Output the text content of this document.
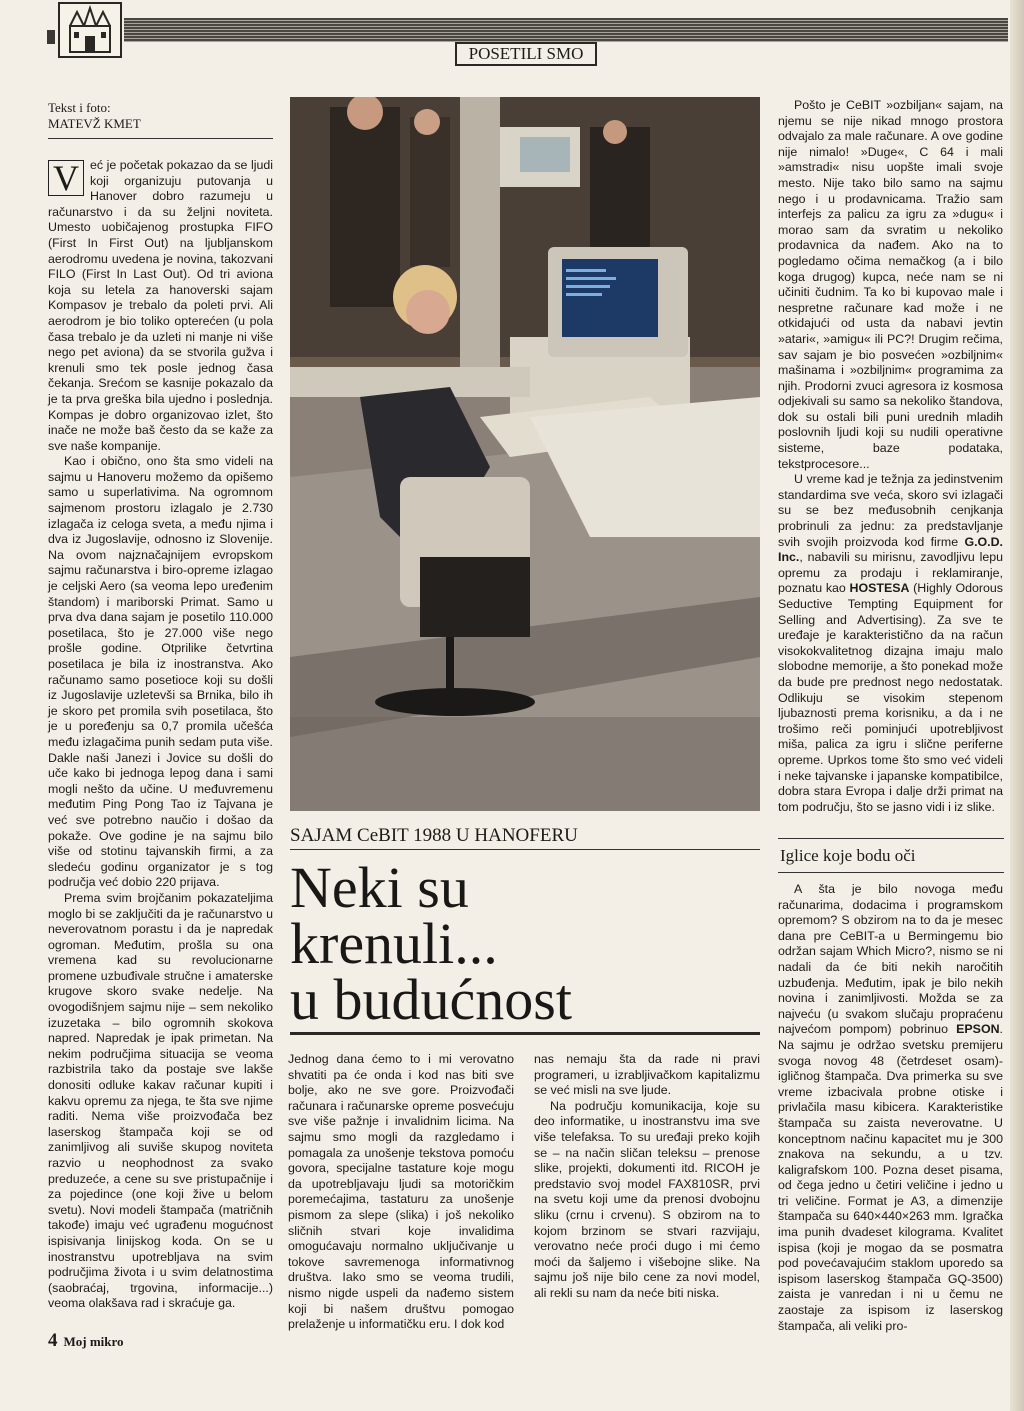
POSETILI SMO
Tekst i foto:
MATEVŽ KMET

V eć je početak pokazao da se ljudi koji organizuju putovanja u Hanover dobro razumeju u računarstvo i da su željni noviteta. Umesto uobičajenog prostupka FIFO (First In First Out) na ljubljanskom aerodromu uvedena je novina, takozvani FILO (First In Last Out). Od tri aviona koja su letela za hanoverski sajam Kompasov je trebalo da poleti prvi. Ali aerodrom je bio toliko opterećen (u pola časa trebalo je da uzleti ni manje ni više nego pet aviona) da se stvorila gužva i krenuli smo tek posle jednog časa čekanja. Srećom se kasnije pokazalo da je ta prva greška bila ujedno i poslednja. Kompas je dobro organizovao izlet, što inače ne može baš često da se kaže za sve naše kompanije.

Kao i obično, ono šta smo videli na sajmu u Hanoveru možemo da opišemo samo u superlativima. Na ogromnom sajmenom prostoru izlagalo je 2.730 izlagača iz celoga sveta, a među njima i dva iz Jugoslavije, odnosno iz Slovenije. Na ovom najznačajnijem evropskom sajmu računarstva i biro-opreme izlagao je celjski Aero (sa veoma lepo uređenim štandom) i mariborski Primat. Samo u prva dva dana sajam je posetilo 110.000 posetilaca, što je 27.000 više nego prošle godine. Otprilike četvrtina posetilaca je bila iz inostranstva. Ako računamo samo posetioce koji su došli iz Jugoslavije uzletevši sa Brnika, bilo ih je skoro pet promila svih posetilaca, što je u poređenju sa 0,7 promila učešća među izlagačima punih sedam puta više. Dakle naši Janezi i Jovice su došli do uče kako bi jednoga lepog dana i sami mogli nešto da učine. U međuvremenu međutim Ping Pong Tao iz Tajvana je već sve potrebno naučio i došao da pokaže. Ove godine je na sajmu bilo više od stotinu tajvanskih firmi, a za sledeću godinu organizator je s tog područja već dobio 220 prijava.

Prema svim brojčanim pokazateljima moglo bi se zaključiti da je računarstvo u neverovatnom porastu i da je napredak ogroman. Međutim, prošla su ona vremena kad su revolucionarne promene uzbuđivale stručne i amaterske krugove skoro svake nedelje. Na ovogodišnjem sajmu nije – sem nekoliko izuzetaka – bilo ogromnih skokova napred. Napredak je ipak primetan. Na nekim područjima situacija se veoma razbistrila tako da postaje sve lakše donositi odluke kakav računar kupiti i kakvu opremu za njega, te šta sve njime raditi. Nema više proizvođača bez laserskog štampača koji se od zanimljivog ali suviše skupog noviteta razvio u neophodnost za svako preduzeće, a cene su sve pristupačnije i za pojedince (one koji žive u belom svetu). Novi modeli štampača (matričnih takođe) imaju već ugrađenu mogućnost ispisivanja linijskog koda. On se u inostranstvu upotrebljava na svim područjima života i u svim delatnostima (saobraćaj, trgovina, informacije...) veoma olakšava rad i skraćuje ga.

SAJAM CeBIT 1988 U HANOFERU
Neki su
krenuli...
u budućnost

Jednog dana ćemo to i mi verovatno shvatiti pa će onda i kod nas biti sve bolje, ako ne sve gore. Proizvođači računara i računarske opreme posvećuju sve više pažnje i invalidnim licima. Na sajmu smo mogli da razgledamo i pomagala za unošenje tekstova pomoću govora, specijalne tastature koje mogu da upotrebljavaju ljudi sa motoričkim poremećajima, tastaturu za unošenje pismom za slepe (slika) i još nekoliko sličnih stvari koje invalidima omogućavaju normalno uključivanje u tokove savremenoga informativnog društva. Iako smo se veoma trudili, nismo nigde uspeli da nađemo sistem koji bi našem društvu pomogao prelaženje u informatičku eru. I dok kod

nas nemaju šta da rade ni pravi programeri, u izrabljivačkom kapitalizmu se već misli na sve ljude.

Na području komunikacija, koje su deo informatike, u inostranstvu ima sve više telefaksa. To su uređaji preko kojih se – na način sličan teleksu – prenose slike, projekti, dokumenti itd. RICOH je predstavio svoj model FAX810SR, prvi na svetu koji ume da prenosi dvobojnu sliku (crnu i crvenu). S obzirom na to kojom brzinom se stvari razvijaju, verovatno neće proći dugo i mi ćemo moći da šaljemo i višebojne slike. Na sajmu još nije bilo cene za novi model, ali rekli su nam da neće biti niska.

Pošto je CeBIT »ozbiljan« sajam, na njemu se nije nikad mnogo prostora odvajalo za male računare. A ove godine nije nimalo! »Duge«, C 64 i mali »amstradi« nisu uopšte imali svoje mesto. Nije tako bilo samo na sajmu nego i u prodavnicama. Tražio sam interfejs za palicu za igru za »dugu« i morao sam da svratim u nekoliko prodavnica da nađem. Ako na to pogledamo očima nemačkog (a i bilo koga drugog) kupca, neće nam se ni učiniti čudnim. Ta ko bi kupovao male i nespretne računare kad može i ne otkidajući od usta da nabavi jevtin »atari«, »amigu« ili PC?! Drugim rečima, sav sajam je bio posvećen »ozbiljnim« mašinama i »ozbiljnim« programima za njih. Prodorni zvuci agresora iz kosmosa odjekivali su samo sa nekoliko štandova, dok su ostali bili puni urednih mladih poslovnih ljudi koji su nudili operativne sisteme, baze podataka, tekstprocesore...

U vreme kad je težnja za jedinstvenim standardima sve veća, skoro svi izlagači su se bez međusobnih cenjkanja probrinuli za jednu: za predstavljanje svih svojih proizvoda kod firme G.O.D. Inc., nabavili su mirisnu, zavodljivu lepu opremu za prodaju i reklamiranje, poznatu kao HOSTESA (Highly Odorous Seductive Tempting Equipment for Selling and Advertising). Za sve te uređaje je karakteristično da na račun visokokvalitetnog dizajna imaju malo slobodne memorije, a što ponekad može da bude pre prednost nego nedostatak. Odlikuju se visokim stepenom ljubaznosti prema korisniku, a da i ne trošimo reči pominjući upotrebljivost miša, palica za igru i slične periferne opreme. Uprkos tome što smo već videli i neke tajvanske i japanske kompatibilce, dobra stara Evropa i dalje drži primat na tom području, što se jasno vidi i iz slike.

Iglice koje bodu oči

A šta je bilo novoga među računarima, dodacima i programskom opremom? S obzirom na to da je mesec dana pre CeBIT-a u Bermingemu bio održan sajam Which Micro?, nismo se ni nadali da će biti nekih naročitih uzbuđenja. Međutim, ipak je bilo nekih novina i zanimljivosti. Možda se za najveću (u svakom slučaju propraćenu najvećom pompom) pobrinuo EPSON. Na sajmu je održao svetsku premijeru svoga novog 48 (četrdeset osam)-igličnog štampača. Dva primerka su sve vreme izbacivala probne otiske i privlačila masu kibicera. Karakteristike štampača su zaista neverovatne. U konceptnom načinu kapacitet mu je 300 znakova na sekundu, a u tzv. kaligrafskom 100. Pozna deset pisama, od čega jedno u četiri veličine i jedno u tri veličine. Format je A3, a dimenzije štampača su 640×440×263 mm. Igračka ima punih dvadeset kilograma. Kvalitet ispisa (koji je mogao da se posmatra pod povećavajućim staklom uporedo sa ispisom laserskog štampača GQ-3500) zaista je vanredan i ni u čemu ne zaostaje za ispisom iz laserskog štampača, ali veliki pro-

4 Moj mikro
